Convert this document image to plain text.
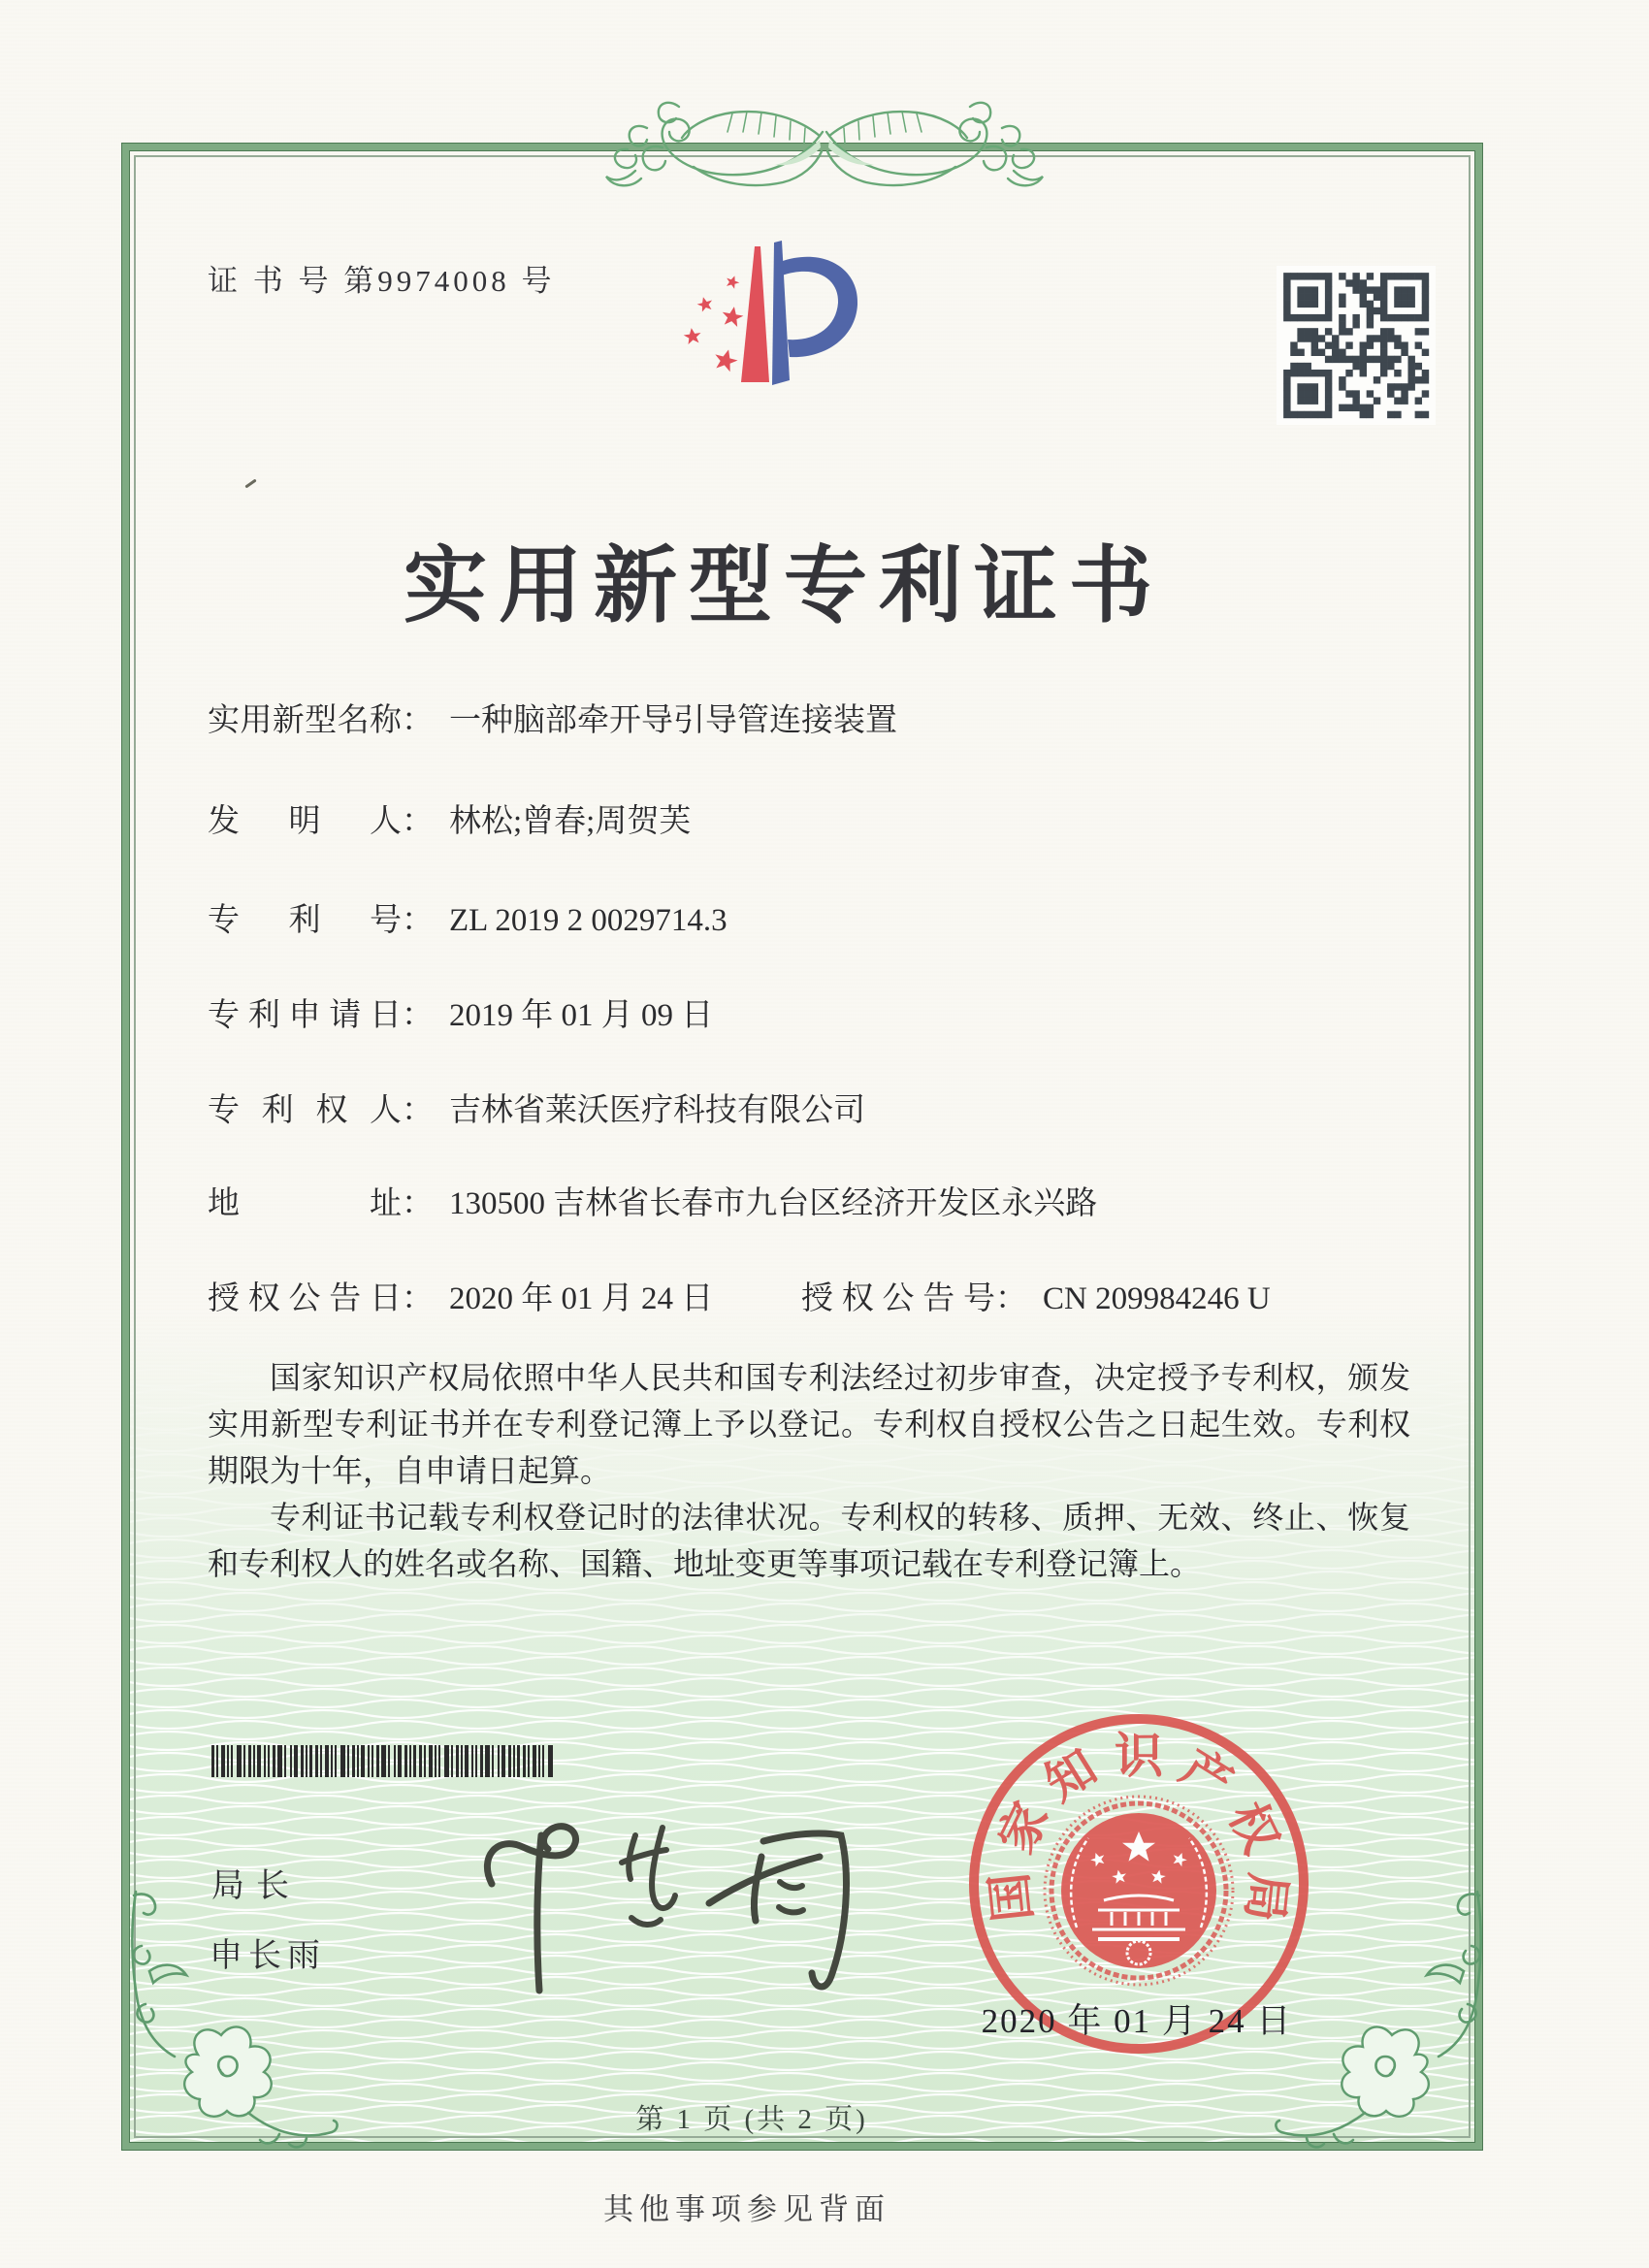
证 书 号 第9974008 号
实用新型专利证书
实用新型名称： 一种脑部牵开导引导管连接装置
发明人： 林松;曾春;周贺芙
专利号： ZL 2019 2 0029714.3
专利申请日： 2019 年 01 月 09 日
专利权人： 吉林省莱沃医疗科技有限公司
地址： 130500 吉林省长春市九台区经济开发区永兴路
授权公告日： 2020 年 01 月 24 日	授权公告号： CN 209984246 U

国家知识产权局依照中华人民共和国专利法经过初步审查，决定授予专利权，颁发实用新型专利证书并在专利登记簿上予以登记。专利权自授权公告之日起生效。专利权期限为十年，自申请日起算。

专利证书记载专利权登记时的法律状况。专利权的转移、质押、无效、终止、恢复和专利权人的姓名或名称、国籍、地址变更等事项记载在专利登记簿上。

局长
申长雨
国
家
知 识 产
权
局
2020 年 01 月 24 日
第 1 页 (共 2 页)
其他事项参见背面
